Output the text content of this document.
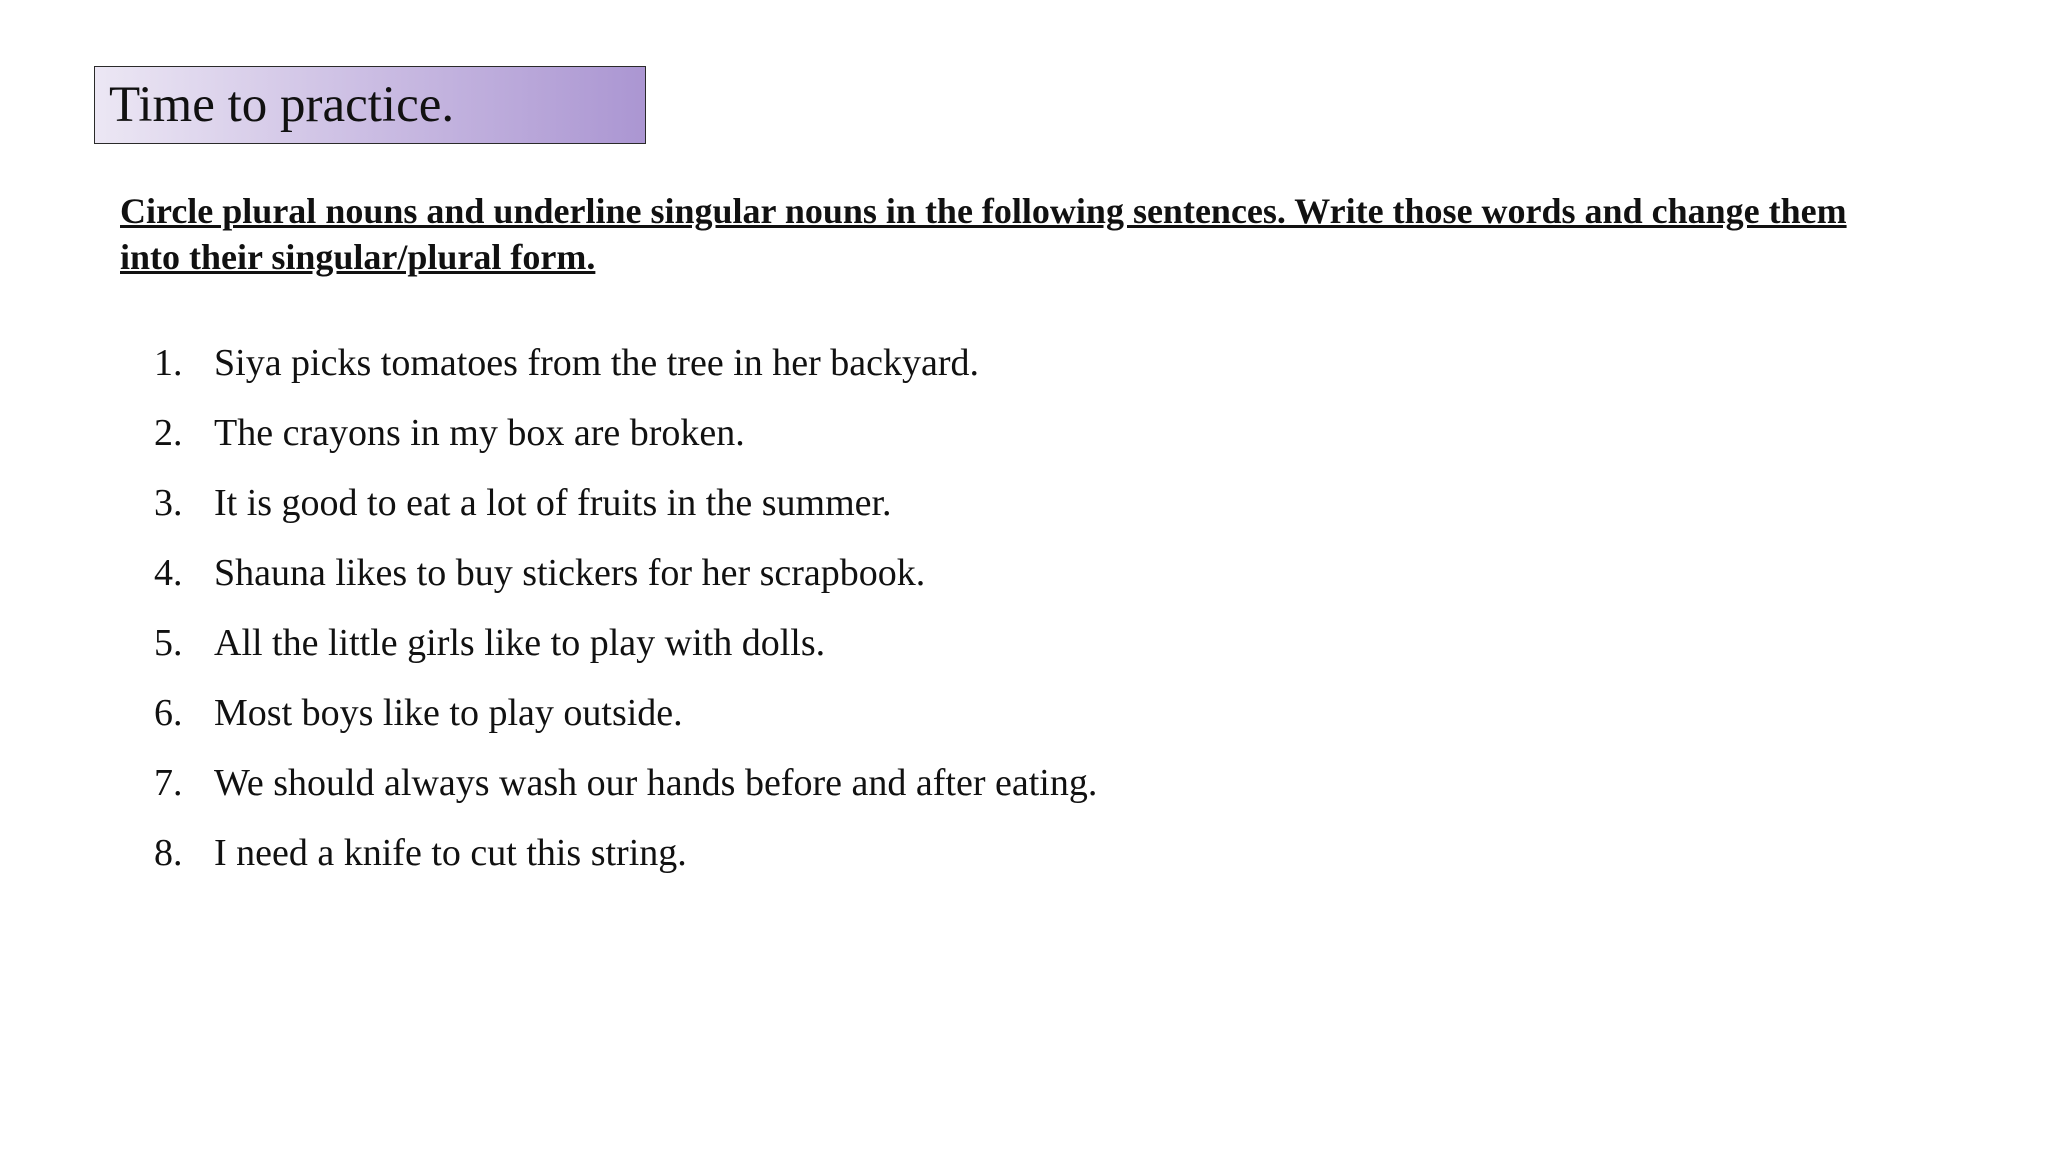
Time to practice.

Circle plural nouns and underline singular nouns in the following sentences. Write those words and change them into their singular/plural form.

1. Siya picks tomatoes from the tree in her backyard.
2. The crayons in my box are broken.
3. It is good to eat a lot of fruits in the summer.
4. Shauna likes to buy stickers for her scrapbook.
5. All the little girls like to play with dolls.
6. Most boys like to play outside.
7. We should always wash our hands before and after eating.
8. I need a knife to cut this string.
